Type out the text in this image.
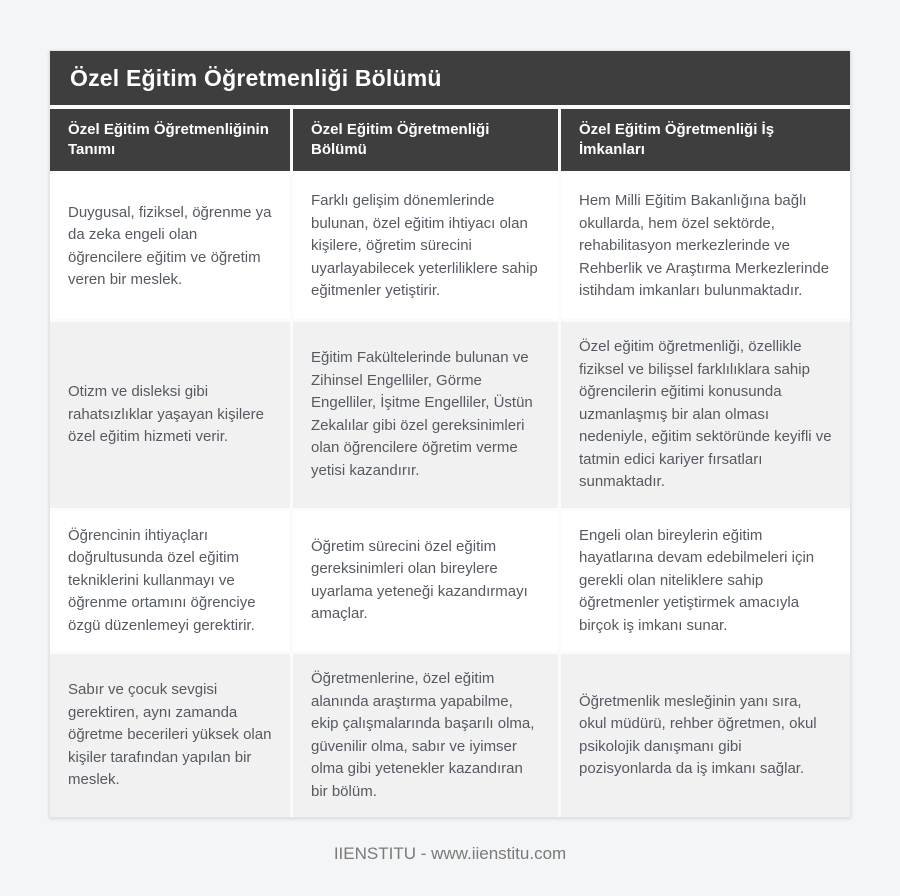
Özel Eğitim Öğretmenliği Bölümü
Özel Eğitim Öğretmenliğinin Tanımı
Özel Eğitim Öğretmenliği Bölümü
Özel Eğitim Öğretmenliği İş İmkanları
Duygusal, fiziksel, öğrenme ya da zeka engeli olan öğrencilere eğitim ve öğretim veren bir meslek.
Farklı gelişim dönemlerinde bulunan, özel eğitim ihtiyacı olan kişilere, öğretim sürecini uyarlayabilecek yeterliliklere sahip eğitmenler yetiştirir.
Hem Milli Eğitim Bakanlığına bağlı okullarda, hem özel sektörde, rehabilitasyon merkezlerinde ve Rehberlik ve Araştırma Merkezlerinde istihdam imkanları bulunmaktadır.
Otizm ve disleksi gibi rahatsızlıklar yaşayan kişilere özel eğitim hizmeti verir.
Eğitim Fakültelerinde bulunan ve Zihinsel Engelliler, Görme Engelliler, İşitme Engelliler, Üstün Zekalılar gibi özel gereksinimleri olan öğrencilere öğretim verme yetisi kazandırır.
Özel eğitim öğretmenliği, özellikle fiziksel ve bilişsel farklılıklara sahip öğrencilerin eğitimi konusunda uzmanlaşmış bir alan olması nedeniyle, eğitim sektöründe keyifli ve tatmin edici kariyer fırsatları sunmaktadır.
Öğrencinin ihtiyaçları doğrultusunda özel eğitim tekniklerini kullanmayı ve öğrenme ortamını öğrenciye özgü düzenlemeyi gerektirir.
Öğretim sürecini özel eğitim gereksinimleri olan bireylere uyarlama yeteneği kazandırmayı amaçlar.
Engeli olan bireylerin eğitim hayatlarına devam edebilmeleri için gerekli olan niteliklere sahip öğretmenler yetiştirmek amacıyla birçok iş imkanı sunar.
Sabır ve çocuk sevgisi gerektiren, aynı zamanda öğretme becerileri yüksek olan kişiler tarafından yapılan bir meslek.
Öğretmenlerine, özel eğitim alanında araştırma yapabilme, ekip çalışmalarında başarılı olma, güvenilir olma, sabır ve iyimser olma gibi yetenekler kazandıran bir bölüm.
Öğretmenlik mesleğinin yanı sıra, okul müdürü, rehber öğretmen, okul psikolojik danışmanı gibi pozisyonlarda da iş imkanı sağlar.
IIENSTITU - www.iienstitu.com
